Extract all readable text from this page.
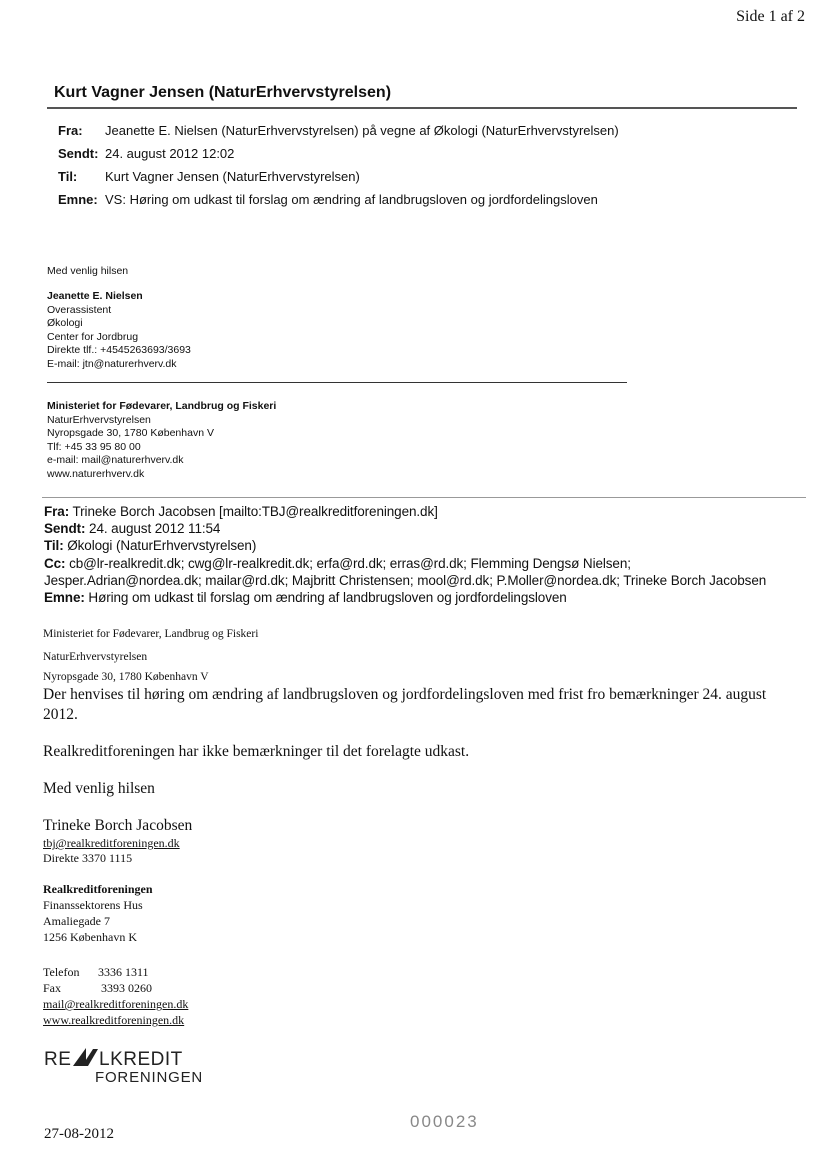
Side 1 af 2
Kurt Vagner Jensen (NaturErhvervstyrelsen)
Fra:	Jeanette E. Nielsen (NaturErhvervstyrelsen) på vegne af Økologi (NaturErhvervstyrelsen)
Sendt: 24. august 2012 12:02
Til:	Kurt Vagner Jensen (NaturErhvervstyrelsen)
Emne: VS: Høring om udkast til forslag om ændring af landbrugsloven og jordfordelingsloven
Med venlig hilsen
Jeanette E. Nielsen
Overassistent
Økologi
Center for Jordbrug
Direkte tlf.: +4545263693/3693
E-mail: jtn@naturerhverv.dk
Ministeriet for Fødevarer, Landbrug og Fiskeri
NaturErhvervstyrelsen
Nyropsgade 30, 1780 København V
Tlf: +45 33 95 80 00
e-mail: mail@naturerhverv.dk
www.naturerhverv.dk
Fra: Trineke Borch Jacobsen [mailto:TBJ@realkreditforeningen.dk]
Sendt: 24. august 2012 11:54
Til: Økologi (NaturErhvervstyrelsen)
Cc: cb@lr-realkredit.dk; cwg@lr-realkredit.dk; erfa@rd.dk; erras@rd.dk; Flemming Dengsø Nielsen;
Jesper.Adrian@nordea.dk; mailar@rd.dk; Majbritt Christensen; mool@rd.dk; P.Moller@nordea.dk; Trineke Borch Jacobsen
Emne: Høring om udkast til forslag om ændring af landbrugsloven og jordfordelingsloven
Ministeriet for Fødevarer, Landbrug og Fiskeri
NaturErhvervstyrelsen
Nyropsgade 30, 1780 København V
Der henvises til høring om ændring af landbrugsloven og jordfordelingsloven med frist fro bemærkninger 24. august
2012.
Realkreditforeningen har ikke bemærkninger til det forelagte udkast.
Med venlig hilsen
Trineke Borch Jacobsen
tbj@realkreditforeningen.dk
Direkte 3370 1115
Realkreditforeningen
Finanssektorens Hus
Amaliegade 7
1256 København K
Telefon 3336 1311
Fax	3393 0260
mail@realkreditforeningen.dk
www.realkreditforeningen.dk
RE LKREDIT
FORENINGEN
27-08-2012
000023
